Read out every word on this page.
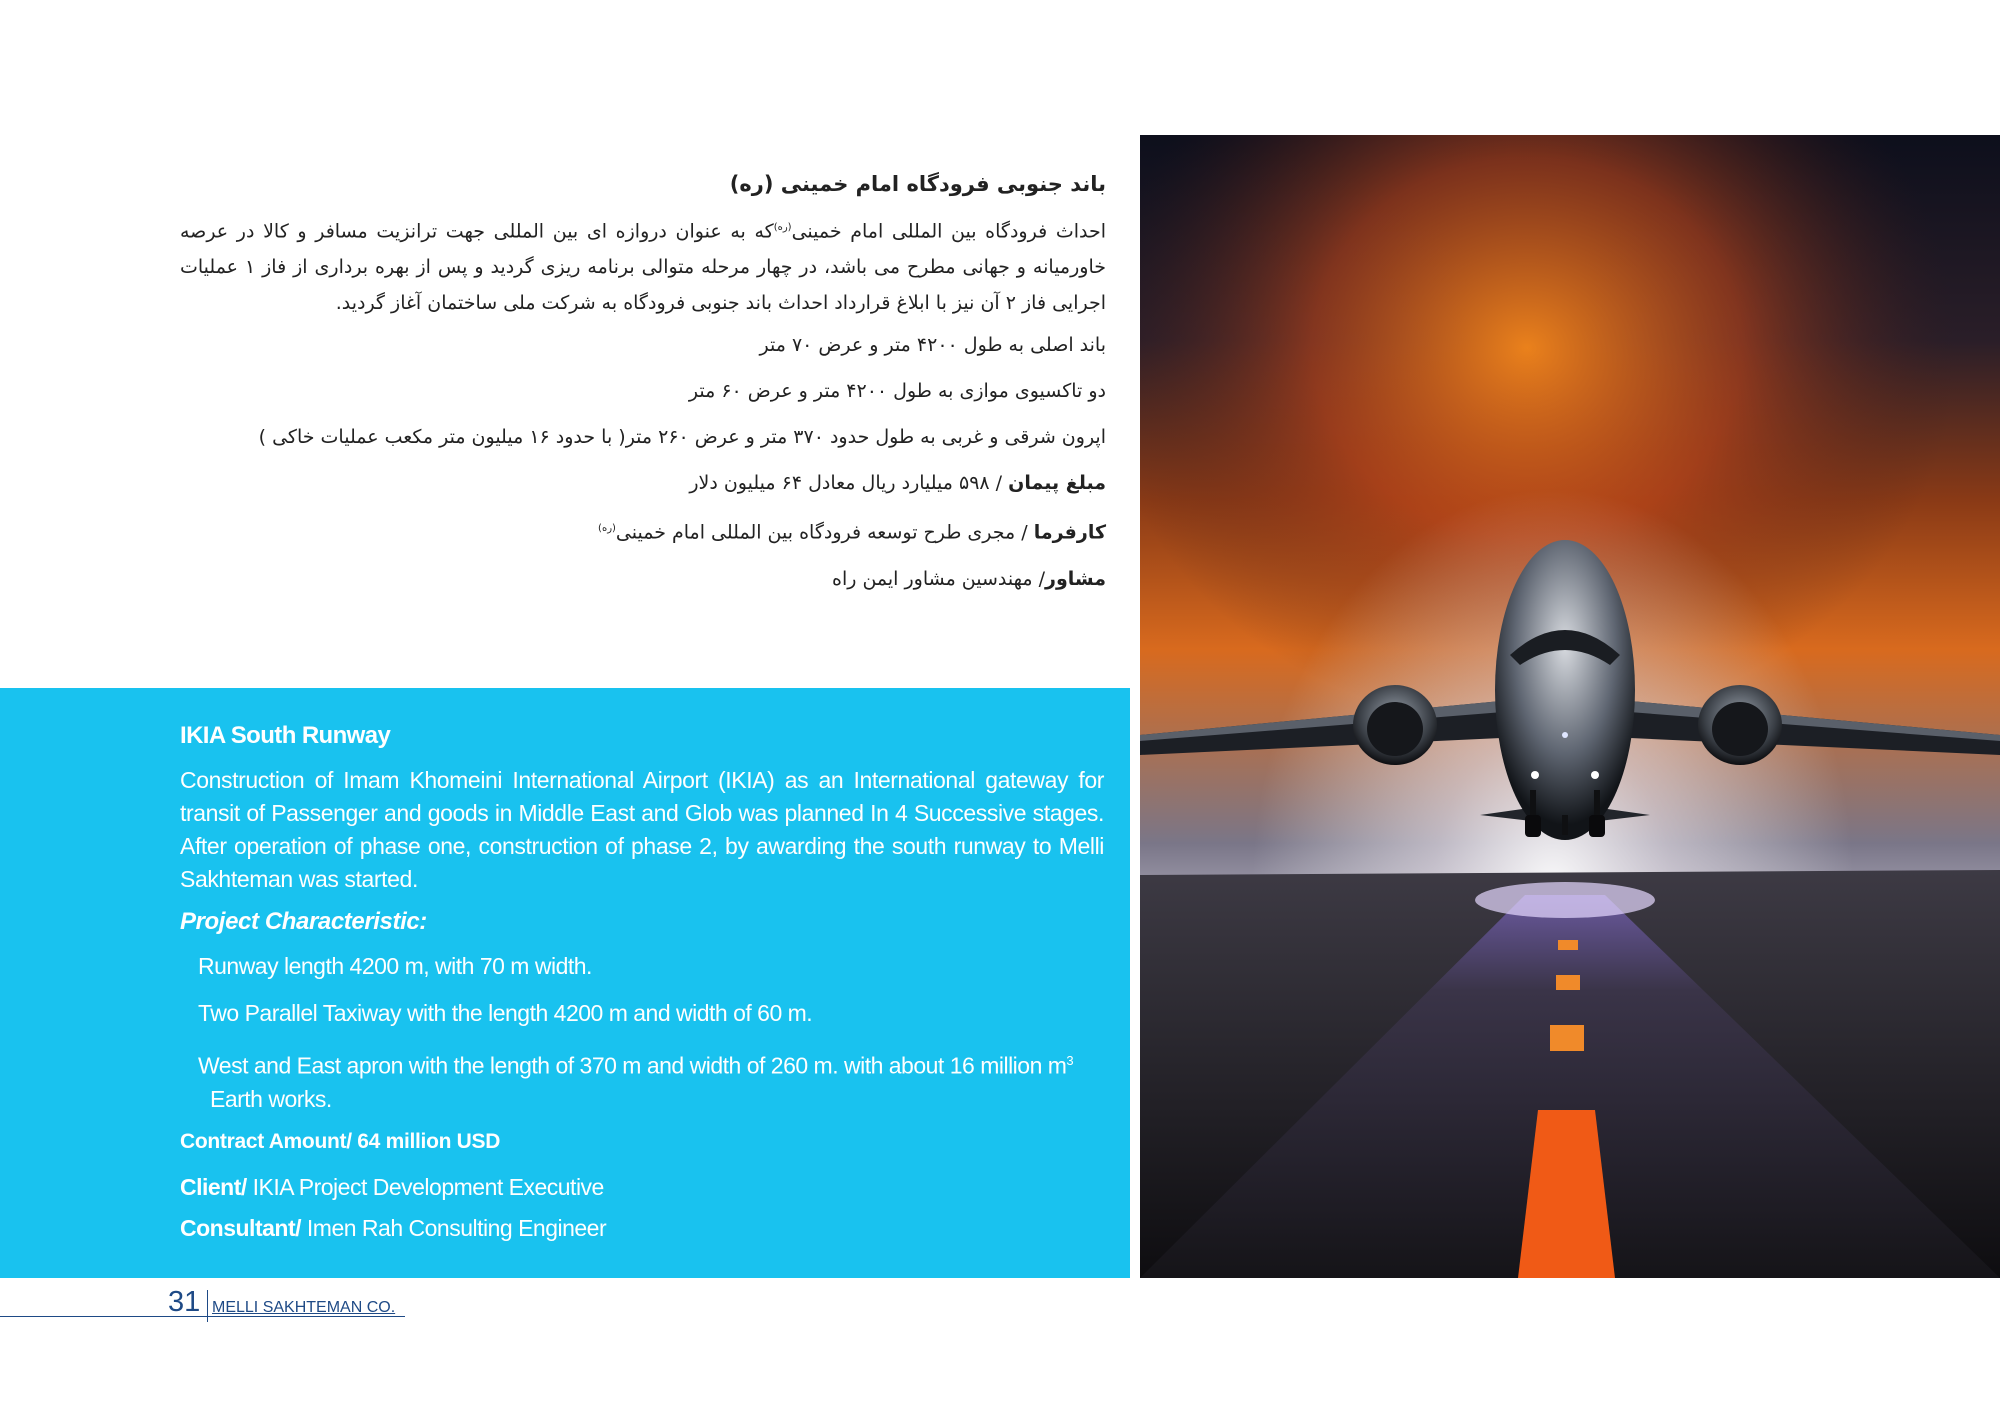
باند جنوبی فرودگاه امام خمینی (ره)
احداث فرودگاه بین المللی امام خمینی$^{(ره)}$که به عنوان دروازه ای بین المللی جهت ترانزیت مسافر و کالا در عرصه خاورمیانه و جهانی مطرح می باشد، در چهار مرحله متوالی برنامه ریزی گردید و پس از بهره برداری از فاز ۱ عملیات اجرایی فاز ۲ آن نیز با ابلاغ قرارداد احداث باند جنوبی فرودگاه به شرکت ملی ساختمان آغاز گردید.
باند اصلی به طول ۴۲۰۰ متر و عرض ۷۰ متر
دو تاکسیوی موازی به طول ۴۲۰۰ متر و عرض ۶۰ متر
اپرون شرقی و غربی به طول حدود ۳۷۰ متر و عرض ۲۶۰ متر( با حدود ۱۶ میلیون متر مکعب عملیات خاکی )
مبلغ پیمان / ۵۹۸ میلیارد ریال معادل ۶۴ میلیون دلار
کارفرما / مجری طرح توسعه فرودگاه بین المللی امام خمینی$^{(ره)}$
مشاور/ مهندسین مشاور ایمن راه
IKIA South Runway
Construction of Imam Khomeini International Airport (IKIA) as an International gateway for transit of Passenger and goods in Middle East and Glob was planned In 4 Successive stages. After operation of phase one, construction of phase 2, by awarding the south runway to Melli Sakhteman was started.
Project Characteristic:
Runway length 4200 m, with 70 m width.
Two Parallel Taxiway with the length 4200 m and width of 60 m.
West and East apron with the length of 370 m and width of 260 m. with about 16 million $m^3$
Earth works.
Contract Amount/ 64 million USD
Client/ IKIA Project Development Executive
Consultant/ Imen Rah Consulting Engineer
31 MELLI SAKHTEMAN CO.
